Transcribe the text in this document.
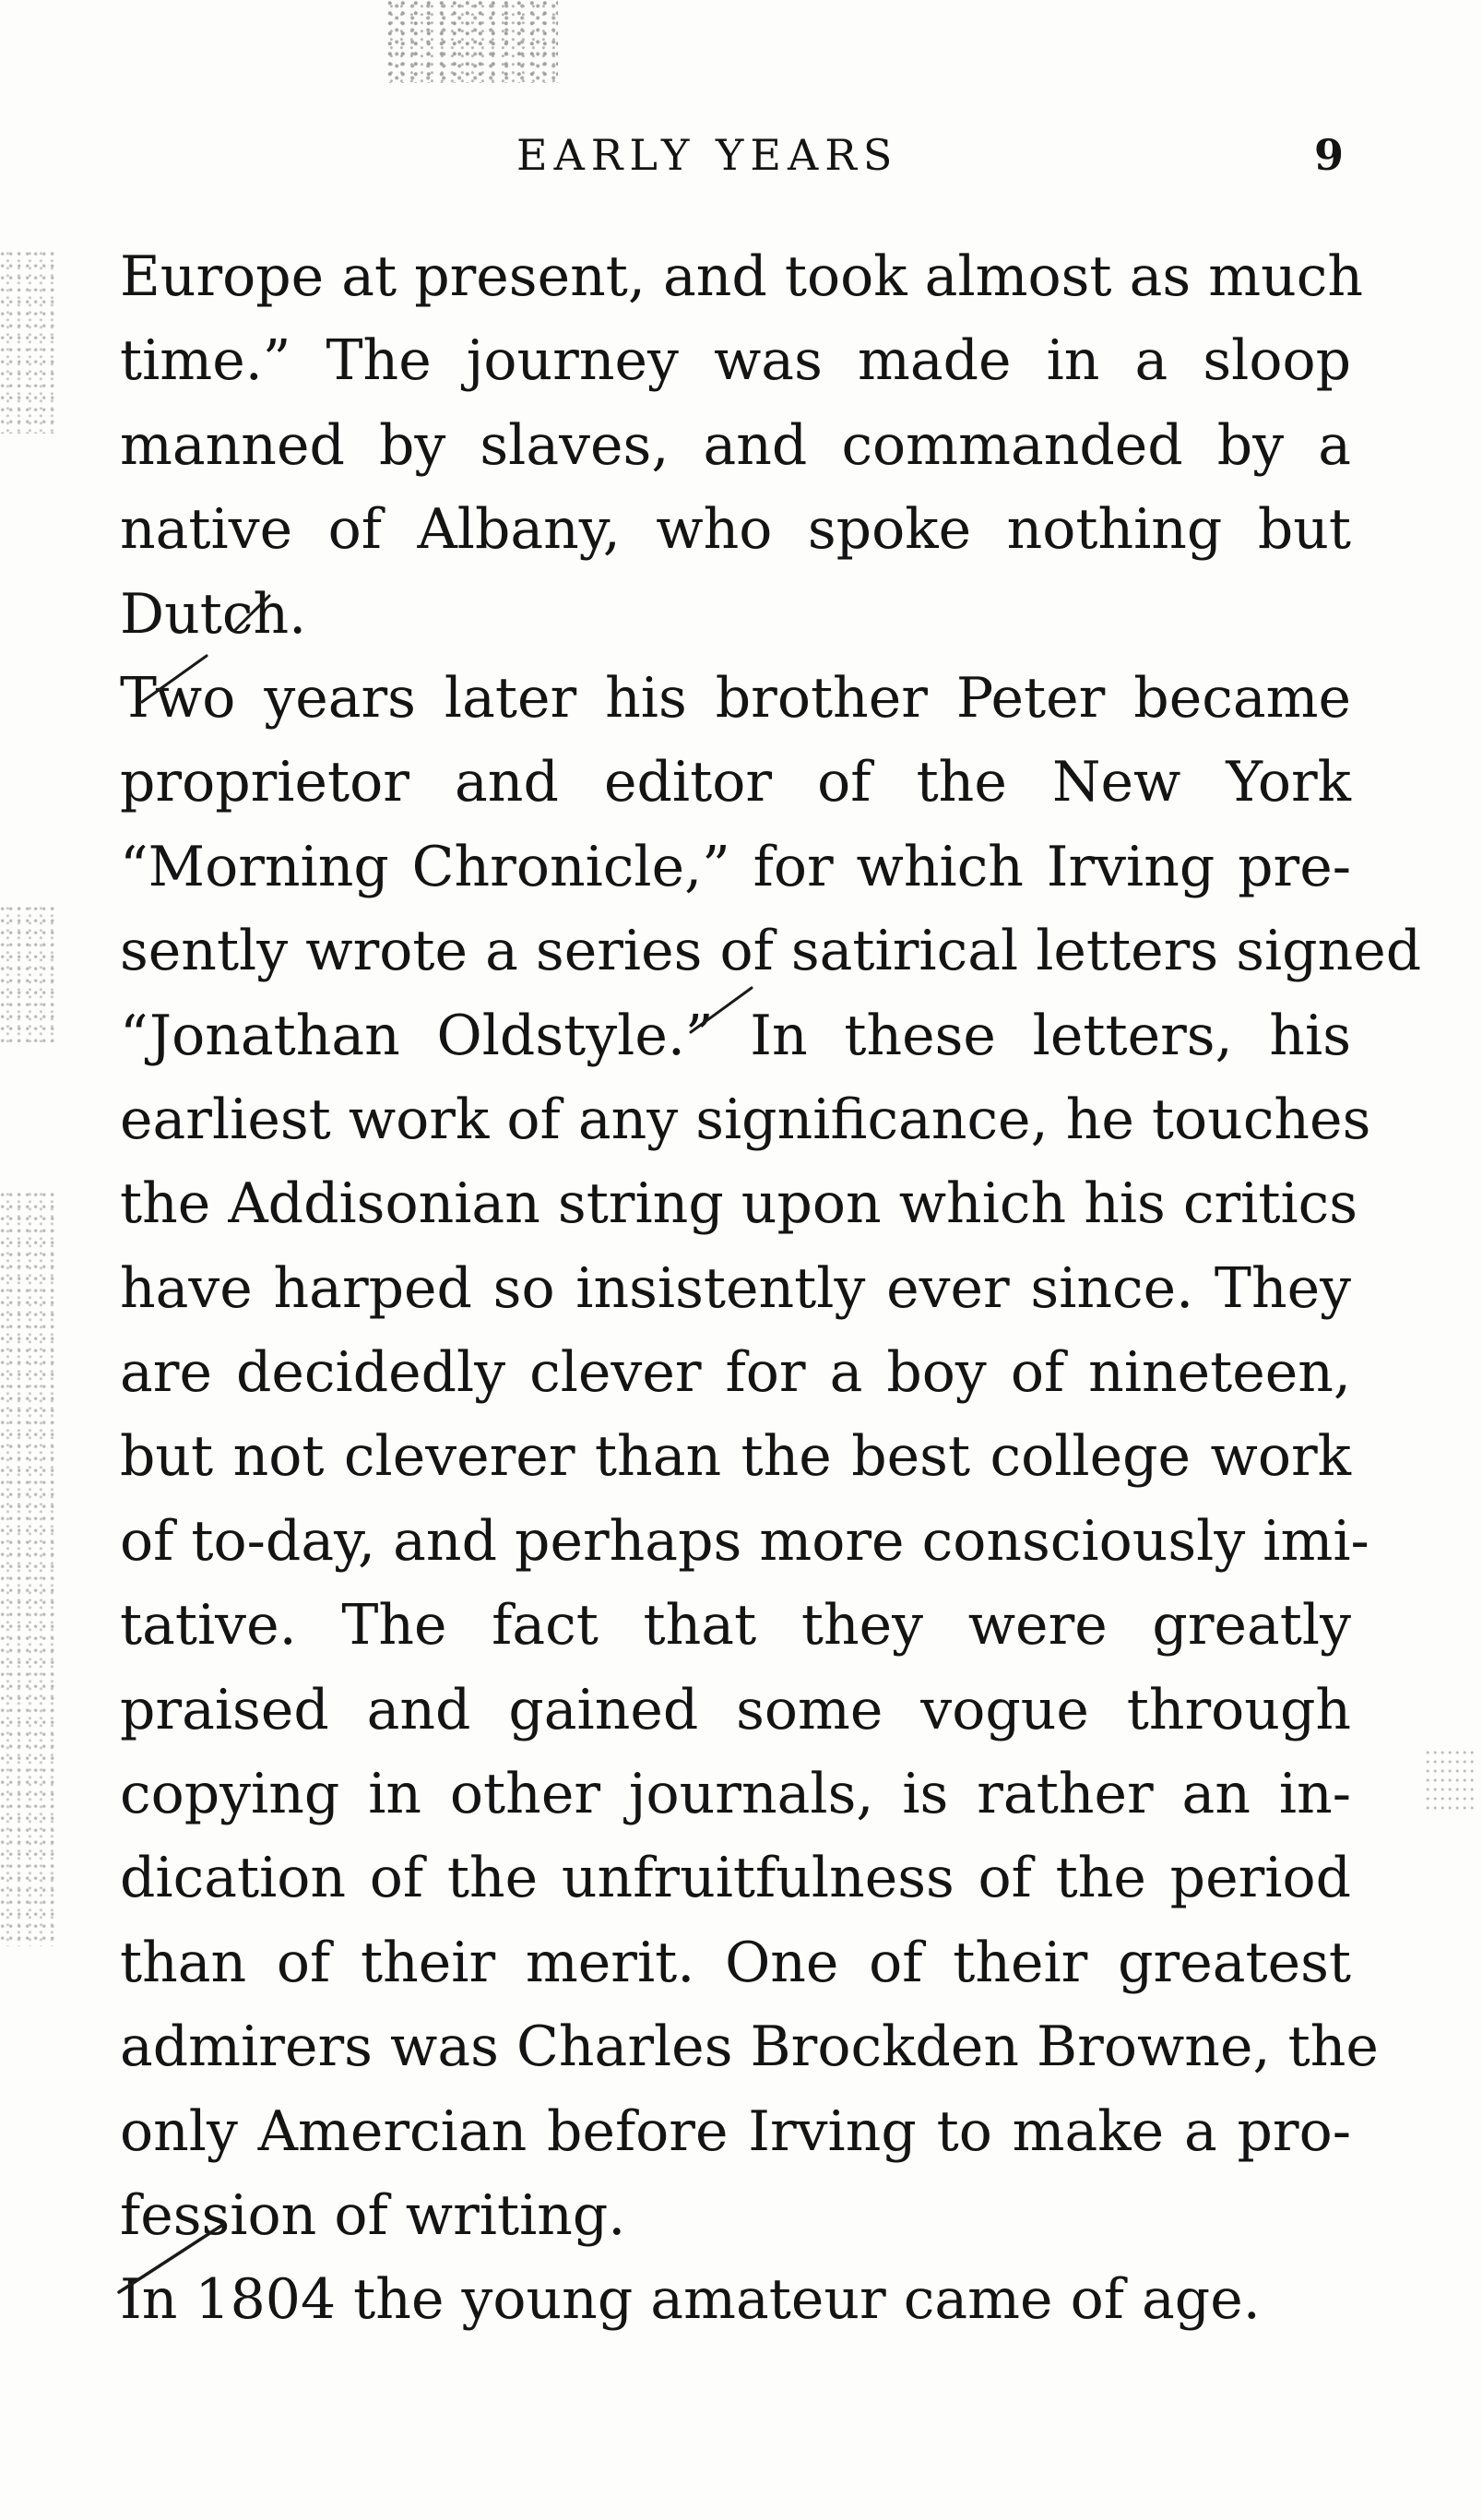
EARLY YEARS	9
Europe at present, and took almost as much
time.” The journey was made in a sloop
manned by slaves, and commanded by a
native of Albany, who spoke nothing but
Dutch.
Two years later his brother Peter became
proprietor and editor of the New York
“Morning Chronicle,” for which Irving pre-
sently wrote a series of satirical letters signed
“Jonathan Oldstyle.” In these letters, his
earliest work of any significance, he touches
the Addisonian string upon which his critics
have harped so insistently ever since. They
are decidedly clever for a boy of nineteen,
but not cleverer than the best college work
of to-day, and perhaps more consciously imi-
tative. The fact that they were greatly
praised and gained some vogue through
copying in other journals, is rather an in-
dication of the unfruitfulness of the period
than of their merit. One of their greatest
admirers was Charles Brockden Browne, the
only Amercian before Irving to make a pro-
fession of writing.
In 1804 the young amateur came of age.
